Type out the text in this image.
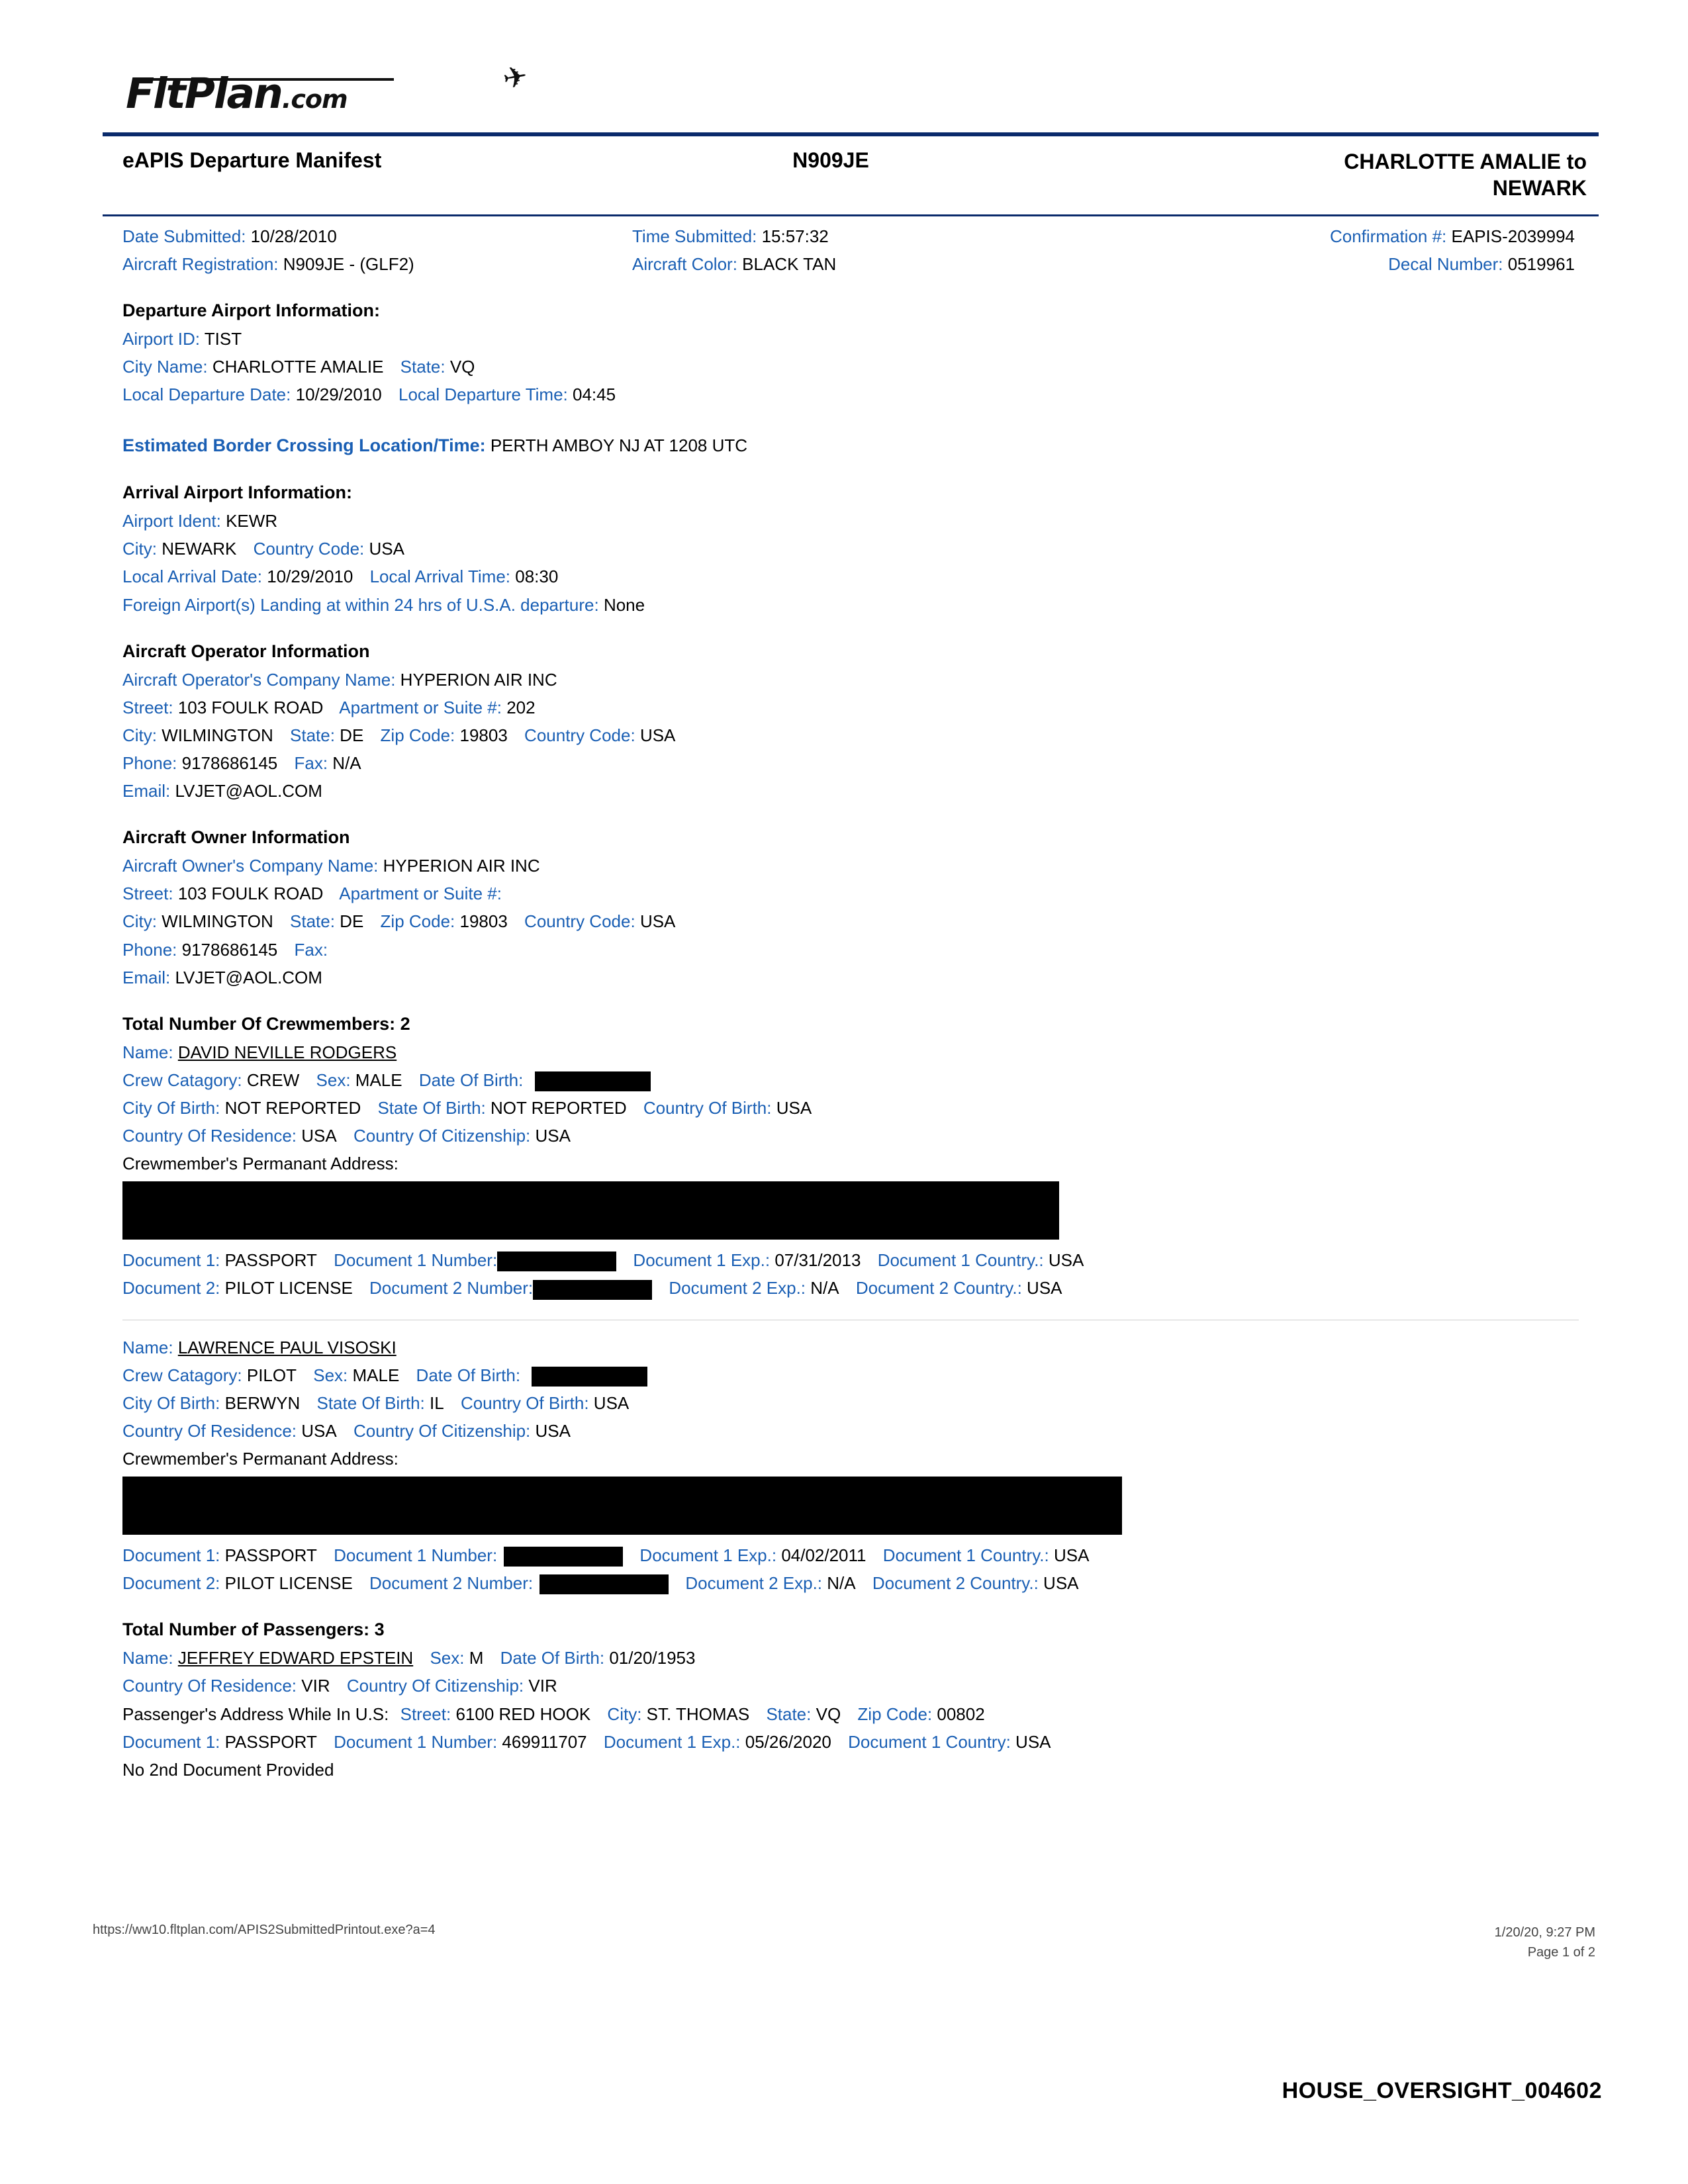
✈
FltPlan.com
eAPIS Departure Manifest	N909JE	CHARLOTTE AMALIE to
NEWARK
Date Submitted: 10/28/2010	Time Submitted: 15:57:32	Confirmation #: EAPIS-2039994
Aircraft Registration: N909JE - (GLF2)	Aircraft Color: BLACK TAN	Decal Number: 0519961
Departure Airport Information:
Airport ID: TIST
City Name: CHARLOTTE AMALIE State: VQ
Local Departure Date: 10/29/2010 Local Departure Time: 04:45
Estimated Border Crossing Location/Time: PERTH AMBOY NJ AT 1208 UTC
Arrival Airport Information:
Airport Ident: KEWR
City: NEWARK Country Code: USA
Local Arrival Date: 10/29/2010 Local Arrival Time: 08:30
Foreign Airport(s) Landing at within 24 hrs of U.S.A. departure: None
Aircraft Operator Information
Aircraft Operator's Company Name: HYPERION AIR INC
Street: 103 FOULK ROAD Apartment or Suite #: 202
City: WILMINGTON State: DE Zip Code: 19803 Country Code: USA
Phone: 9178686145 Fax: N/A
Email: LVJET@AOL.COM
Aircraft Owner Information
Aircraft Owner's Company Name: HYPERION AIR INC
Street: 103 FOULK ROAD Apartment or Suite #:
City: WILMINGTON State: DE Zip Code: 19803 Country Code: USA
Phone: 9178686145 Fax:
Email: LVJET@AOL.COM
Total Number Of Crewmembers: 2
Name: DAVID NEVILLE RODGERS
Crew Catagory: CREW Sex: MALE Date Of Birth:
City Of Birth: NOT REPORTED State Of Birth: NOT REPORTED Country Of Birth: USA
Country Of Residence: USA Country Of Citizenship: USA
Crewmember's Permanant Address:
Document 1: PASSPORT Document 1 Number:	Document 1 Exp.: 07/31/2013 Document 1 Country.: USA
Document 2: PILOT LICENSE Document 2 Number:	Document 2 Exp.: N/A Document 2 Country.: USA
Name: LAWRENCE PAUL VISOSKI
Crew Catagory: PILOT Sex: MALE Date Of Birth:
City Of Birth: BERWYN State Of Birth: IL Country Of Birth: USA
Country Of Residence: USA Country Of Citizenship: USA
Crewmember's Permanant Address:
Document 1: PASSPORT Document 1 Number:	Document 1 Exp.: 04/02/2011 Document 1 Country.: USA
Document 2: PILOT LICENSE Document 2 Number:	Document 2 Exp.: N/A Document 2 Country.: USA
Total Number of Passengers: 3
Name: JEFFREY EDWARD EPSTEIN Sex: M Date Of Birth: 01/20/1953
Country Of Residence: VIR Country Of Citizenship: VIR
Passenger's Address While In U.S: Street: 6100 RED HOOK City: ST. THOMAS State: VQ Zip Code: 00802
Document 1: PASSPORT Document 1 Number: 469911707 Document 1 Exp.: 05/26/2020 Document 1 Country: USA
No 2nd Document Provided
https://ww10.fltplan.com/APIS2SubmittedPrintout.exe?a=4	1/20/20, 9:27 PM
Page 1 of 2
HOUSE_OVERSIGHT_004602
